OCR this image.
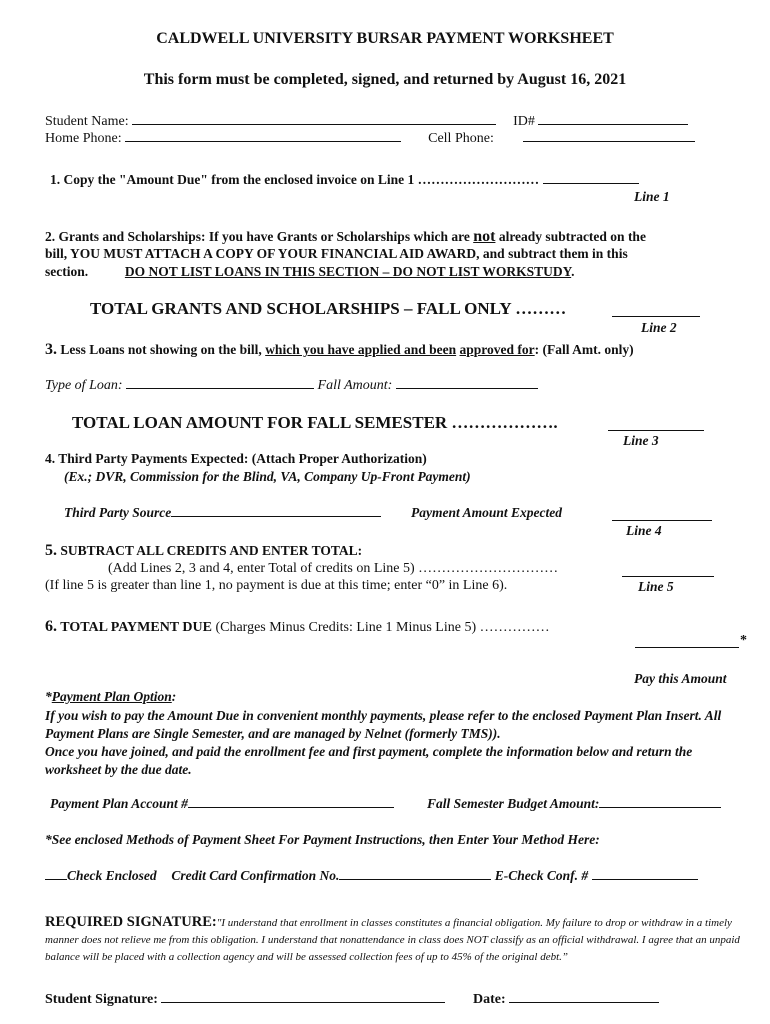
CALDWELL UNIVERSITY BURSAR PAYMENT WORKSHEET
This form must be completed, signed, and returned by August 16, 2021
Student Name:	ID#
Home Phone:	Cell Phone:
1. Copy the "Amount Due" from the enclosed invoice on Line 1 ………………………
Line 1
2. Grants and Scholarships: If you have Grants or Scholarships which are not already subtracted on the
bill, YOU MUST ATTACH A COPY OF YOUR FINANCIAL AID AWARD, and subtract them in this
section.	DO NOT LIST LOANS IN THIS SECTION – DO NOT LIST WORKSTUDY.
TOTAL GRANTS AND SCHOLARSHIPS – FALL ONLY ………
Line 2
3. Less Loans not showing on the bill, which you have applied and been approved for: (Fall Amt. only)
Type of Loan:	Fall Amount:
TOTAL LOAN AMOUNT FOR FALL SEMESTER ……………….
Line 3
4. Third Party Payments Expected: (Attach Proper Authorization)
(Ex.; DVR, Commission for the Blind, VA, Company Up-Front Payment)
Third Party Source	Payment Amount Expected
Line 4
5. SUBTRACT ALL CREDITS AND ENTER TOTAL:
(Add Lines 2, 3 and 4, enter Total of credits on Line 5) …………………………
(If line 5 is greater than line 1, no payment is due at this time; enter “0” in Line 6).	Line 5
6. TOTAL PAYMENT DUE (Charges Minus Credits: Line 1 Minus Line 5) ……………
*
Pay this Amount
*Payment Plan Option:
If you wish to pay the Amount Due in convenient monthly payments, please refer to the enclosed Payment Plan Insert. All Payment Plans are Single Semester, and are managed by Nelnet (formerly TMS)).
Once you have joined, and paid the enrollment fee and first payment, complete the information below and return the worksheet by the due date.
Payment Plan Account #	Fall Semester Budget Amount:
*See enclosed Methods of Payment Sheet For Payment Instructions, then Enter Your Method Here:
Check Enclosed Credit Card Confirmation No.	E-Check Conf. #
REQUIRED SIGNATURE:"I understand that enrollment in classes constitutes a financial obligation. My failure to drop or withdraw in a timely manner does not relieve me from this obligation. I understand that nonattendance in class does NOT classify as an official withdrawal. I agree that an unpaid balance will be placed with a collection agency and will be assessed collection fees of up to 45% of the original debt.”
Student Signature:	Date:
